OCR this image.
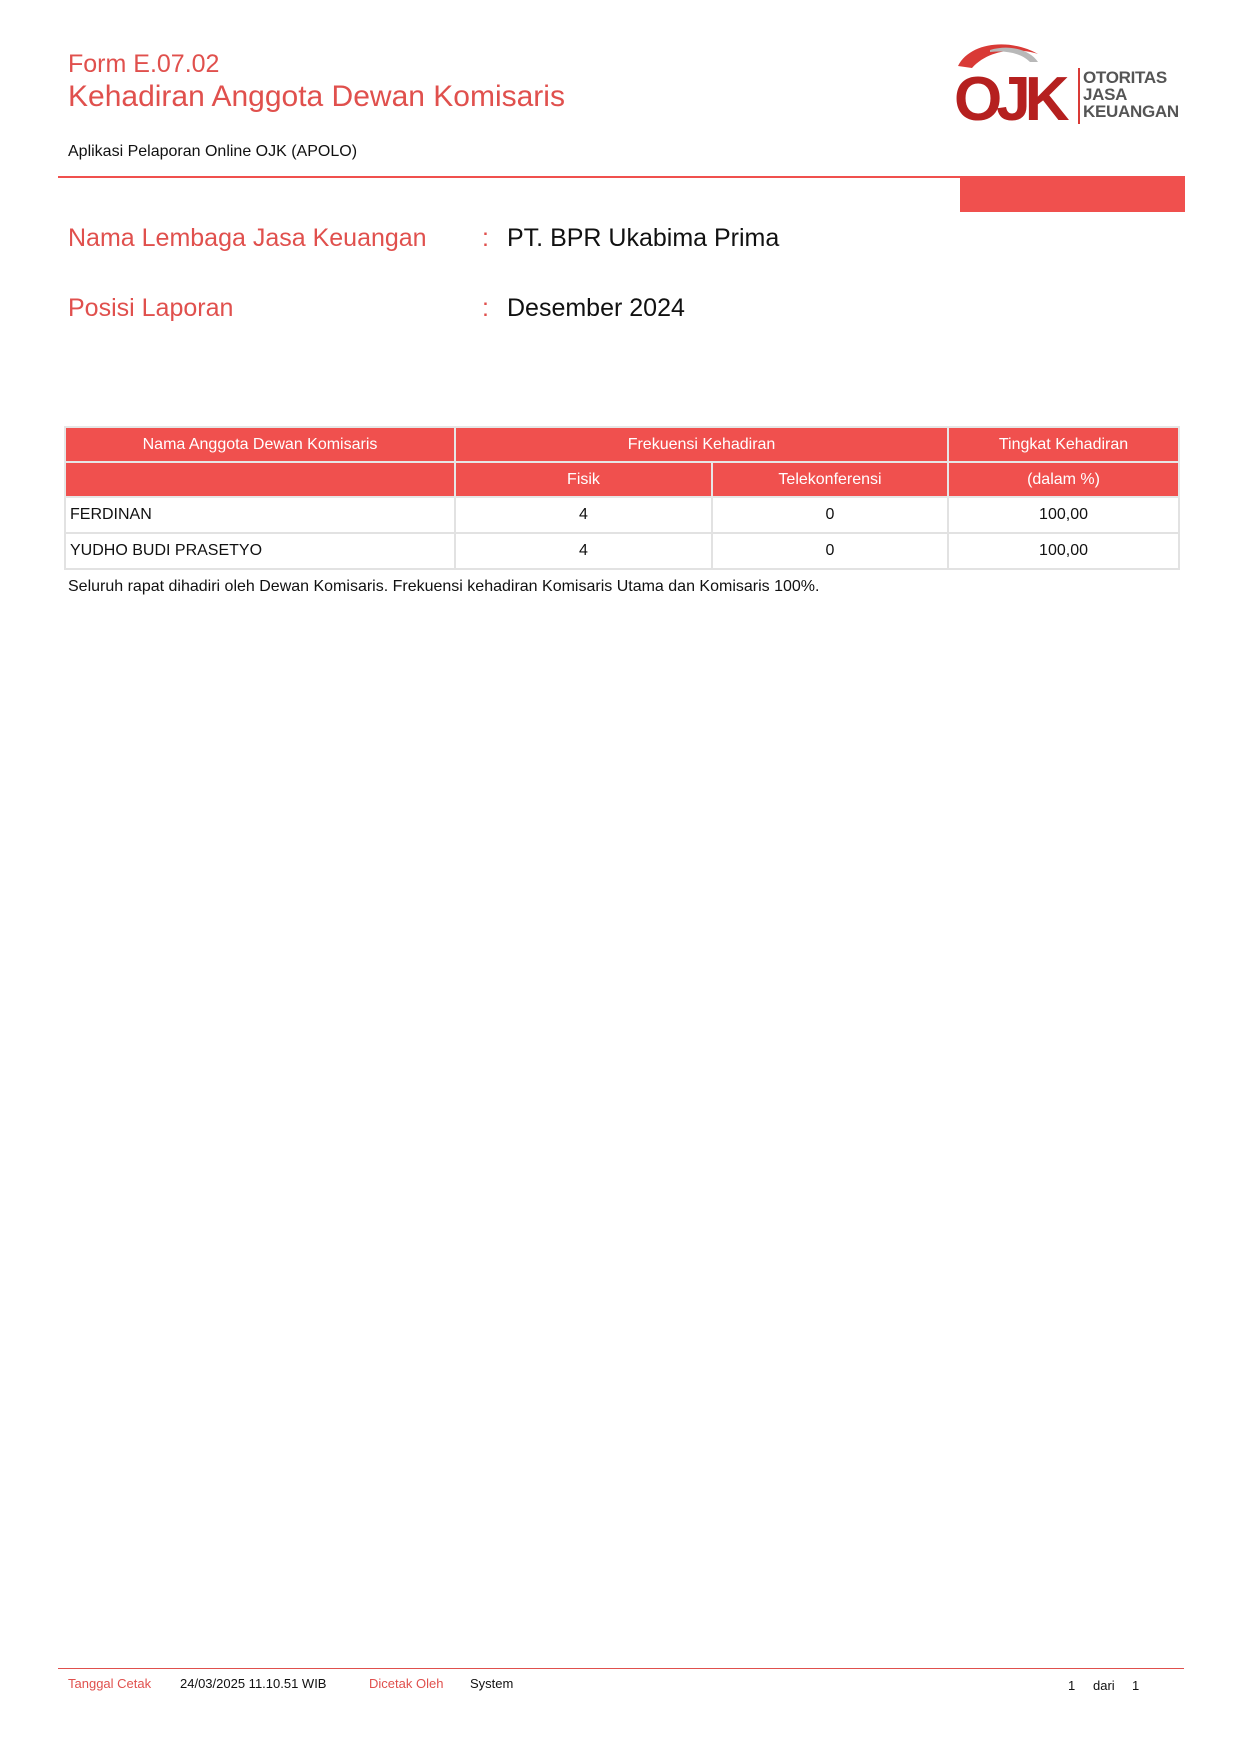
Form E.07.02
Kehadiran Anggota Dewan Komisaris
Aplikasi Pelaporan Online OJK (APOLO)
OJK	OTORITAS
JASA
KEUANGAN
Nama Lembaga Jasa Keuangan : PT. BPR Ukabima Prima
Posisi Laporan	: Desember 2024
Nama Anggota Dewan Komisaris	Frekuensi Kehadiran		Tingkat Kehadiran
	Fisik	Telekonferensi	(dalam %)
FERDINAN	4	0	100,00
YUDHO BUDI PRASETYO	4	0	100,00
Seluruh rapat dihadiri oleh Dewan Komisaris. Frekuensi kehadiran Komisaris Utama dan Komisaris 100%.
Tanggal Cetak 24/03/2025 11.10.51 WIB	Dicetak Oleh System	1 dari 1
